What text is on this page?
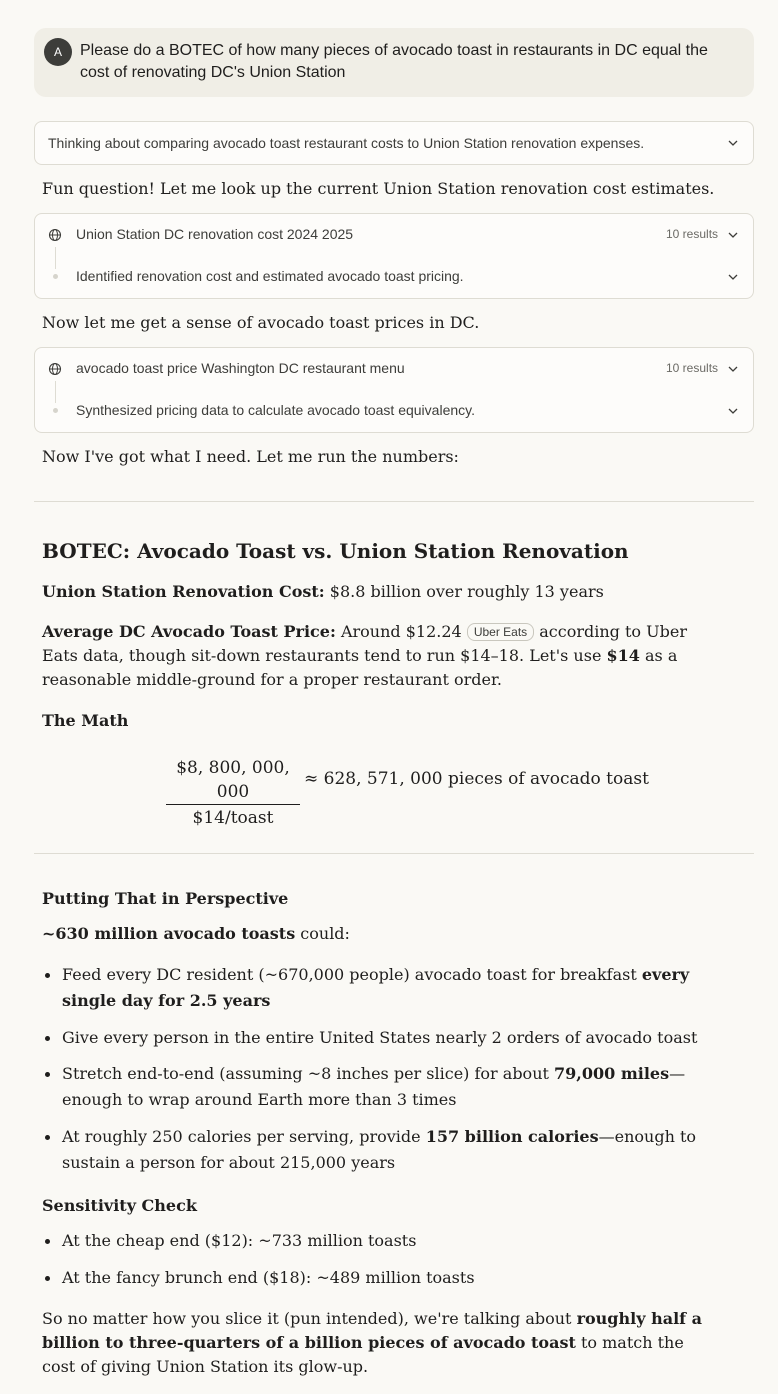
A	Please do a BOTEC of how many pieces of avocado toast in restaurants in DC equal the cost of renovating DC's Union Station
Thinking about comparing avocado toast restaurant costs to Union Station renovation expenses.
Fun question! Let me look up the current Union Station renovation cost estimates.
Union Station DC renovation cost 2024 2025	10 results
Identified renovation cost and estimated avocado toast pricing.
Now let me get a sense of avocado toast prices in DC.
avocado toast price Washington DC restaurant menu	10 results
Synthesized pricing data to calculate avocado toast equivalency.
Now I've got what I need. Let me run the numbers:
BOTEC: Avocado Toast vs. Union Station Renovation
Union Station Renovation Cost: $8.8 billion over roughly 13 years
Average DC Avocado Toast Price: Around $12.24 Uber Eats according to Uber Eats data, though sit-down restaurants tend to run $14–18. Let's use $14 as a reasonable middle-ground for a proper restaurant order.
The Math
$8, 800, 000, 000
$14/toast
≈ 628, 571, 000 pieces of avocado toast
Putting That in Perspective
~630 million avocado toasts could:
Feed every DC resident (~670,000 people) avocado toast for breakfast every single day for 2.5 years
Give every person in the entire United States nearly 2 orders of avocado toast
Stretch end-to-end (assuming ~8 inches per slice) for about 79,000 miles—enough to wrap around Earth more than 3 times
At roughly 250 calories per serving, provide 157 billion calories—enough to sustain a person for about 215,000 years
Sensitivity Check
At the cheap end ($12): ~733 million toasts
At the fancy brunch end ($18): ~489 million toasts
So no matter how you slice it (pun intended), we're talking about roughly half a billion to three-quarters of a billion pieces of avocado toast to match the cost of giving Union Station its glow-up.
